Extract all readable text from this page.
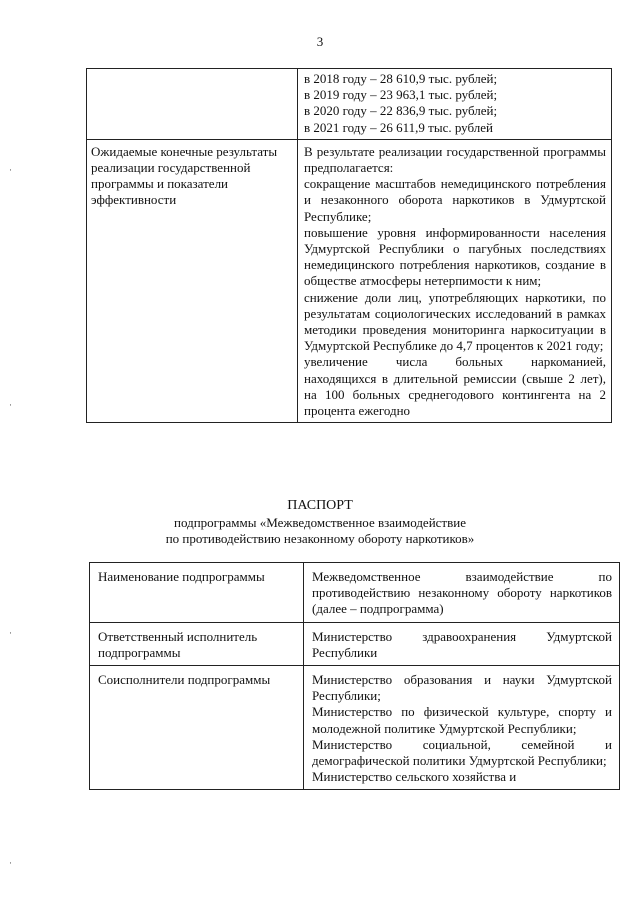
3
·
·
·
·

	в 2018 году – 28 610,9 тыс. рублей;

в 2019 году – 23 963,1 тыс. рублей;

в 2020 году – 22 836,9 тыс. рублей;

в 2021 году – 26 611,9 тыс. рублей

Ожидаемые конечные результаты реализации государственной программы и показатели эффективности	В результате реализации государственной программы предполагается:

сокращение масштабов немедицинского потребления и незаконного оборота наркотиков в Удмуртской Республике;

повышение уровня информированности населения Удмуртской Республики о пагубных последствиях немедицинского потребления наркотиков, создание в обществе атмосферы нетерпимости к ним;

снижение доли лиц, употребляющих наркотики, по результатам социологических исследований в рамках методики проведения мониторинга наркоситуации в Удмуртской Республике до 4,7 процентов к 2021 году;

увеличение числа больных наркоманией, находящихся в длительной ремиссии (свыше 2 лет), на 100 больных среднегодового контингента на 2 процента ежегодно

ПАСПОРТ
подпрограммы «Межведомственное взаимодействие
по противодействию незаконному обороту наркотиков»
Наименование подпрограммы	Межведомственное взаимодействие по противодействию незаконному обороту наркотиков (далее – подпрограмма)

Ответственный исполнитель подпрограммы	Министерство здравоохранения Удмуртской Республики

Соисполнители подпрограммы	Министерство образования и науки Удмуртской Республики;

Министерство по физической культуре, спорту и молодежной политике Удмуртской Республики;

Министерство социальной, семейной и демографической политики Удмуртской Республики;

Министерство сельского хозяйства и
